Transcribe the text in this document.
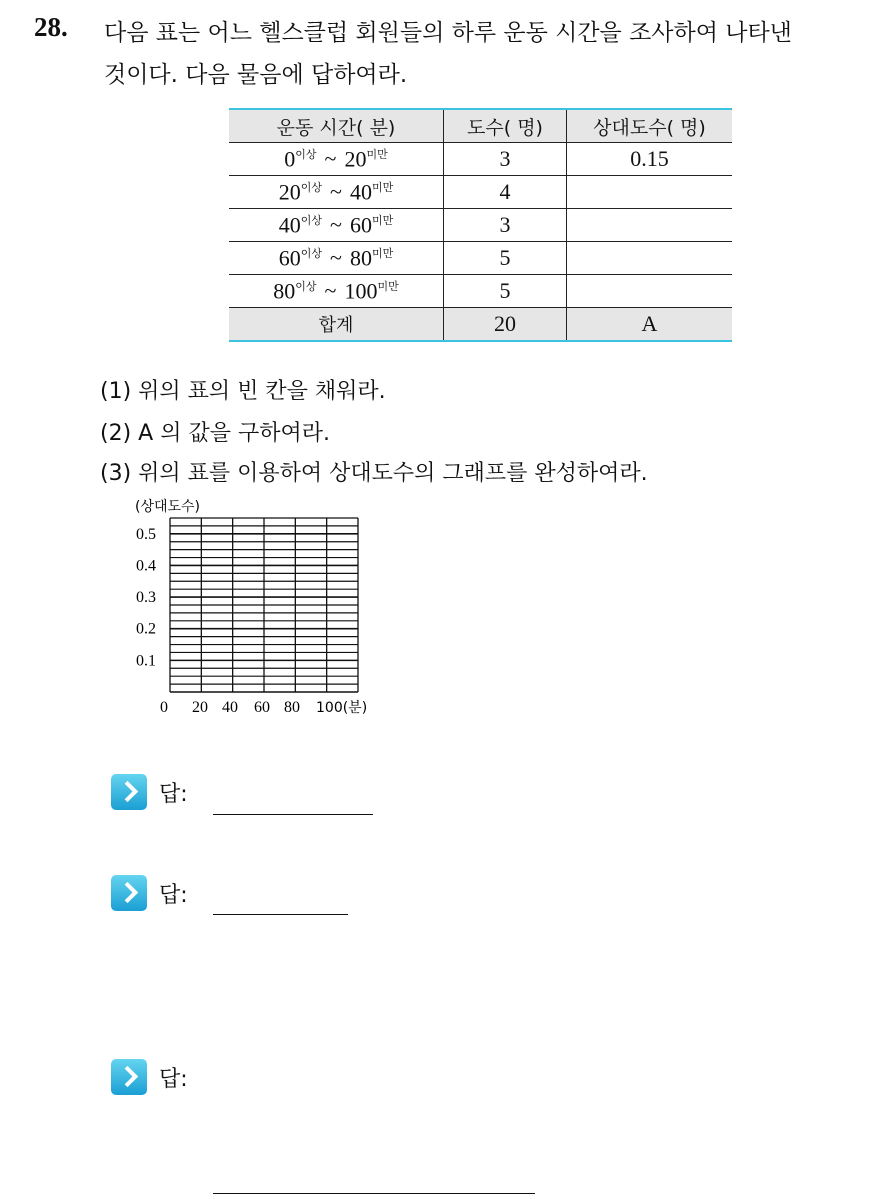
28. 다음 표는 어느 헬스클럽 회원들의 하루 운동 시간을 조사하여 나타낸
것이다. 다음 물음에 답하여라.
운동 시간( 분)	도수( 명)	상대도수( 명)
$0^{이상}$ ~ $20^{미만}$	3	0.15
$20^{이상}$ ~ $40^{미만}$	4	
$40^{이상}$ ~ $60^{미만}$	3	
$60^{이상}$ ~ $80^{미만}$	5	
$80^{이상}$ ~ $100^{미만}$	5	
합계	20	A
(1) 위의 표의 빈 칸을 채워라.
(2) A 의 값을 구하여라.
(3) 위의 표를 이용하여 상대도수의 그래프를 완성하여라.
(상대도수)
0.5
0.4
0.3
0.2
0.1
0 20 40 60 80 100(분)
답:
답:
답:
